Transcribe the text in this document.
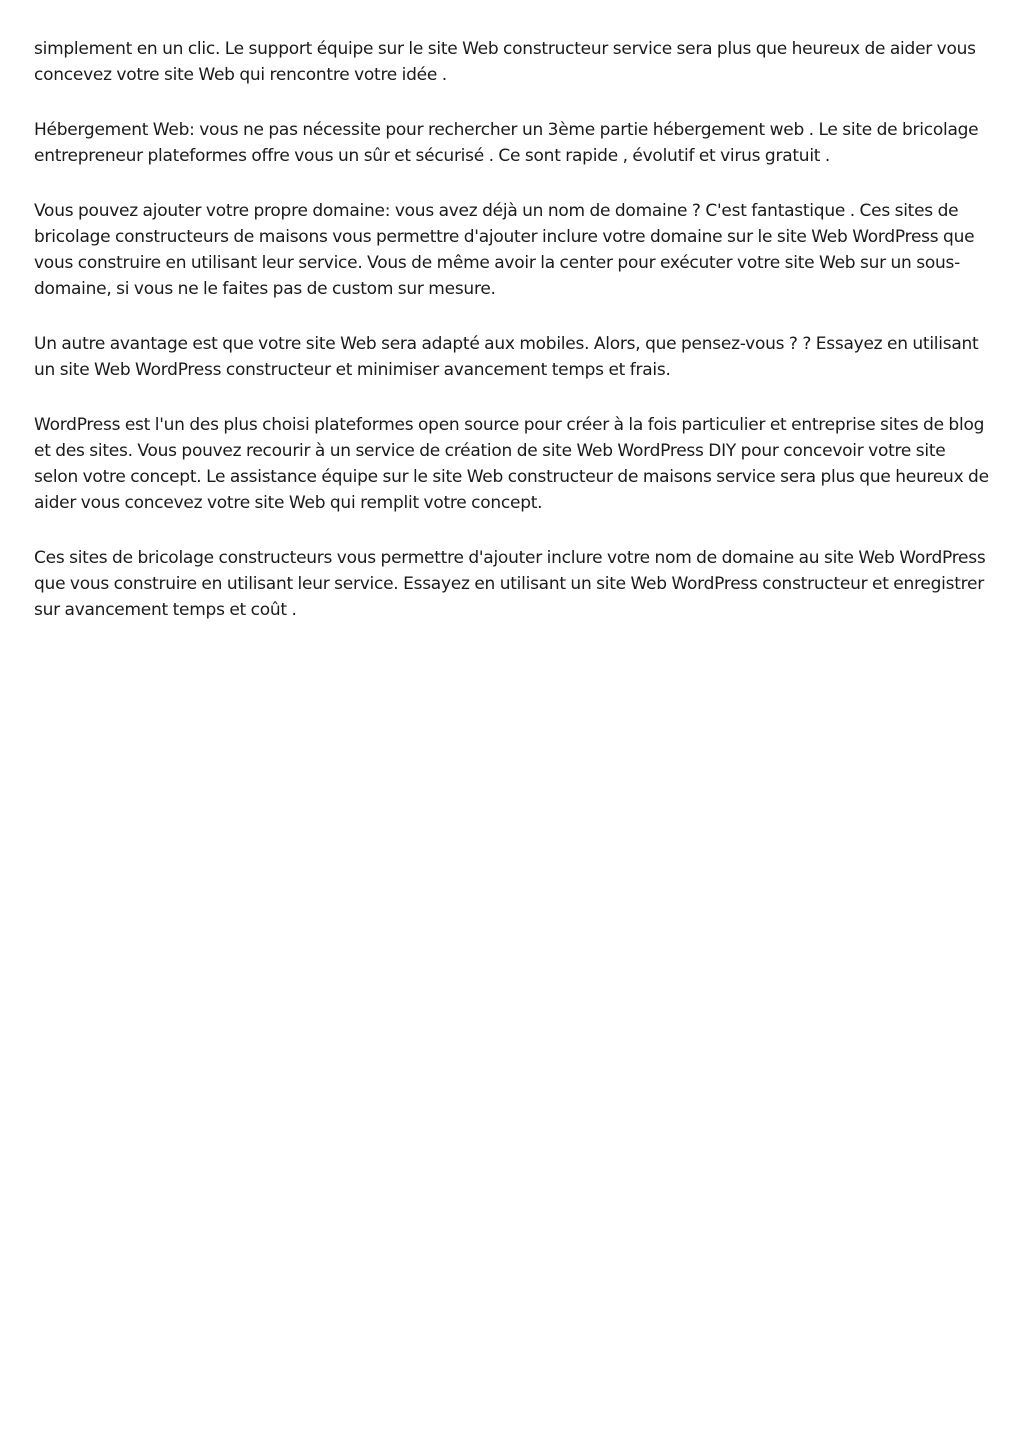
simplement en un clic. Le support équipe sur le site Web constructeur service sera plus que heureux de aider vous concevez votre site Web qui rencontre votre idée .

Hébergement Web: vous ne pas nécessite pour rechercher un 3ème partie hébergement web . Le site de bricolage entrepreneur plateformes offre vous un sûr et sécurisé . Ce sont rapide , évolutif et virus gratuit .

Vous pouvez ajouter votre propre domaine: vous avez déjà un nom de domaine ? C'est fantastique . Ces sites de bricolage constructeurs de maisons vous permettre d'ajouter inclure votre domaine sur le site Web WordPress que vous construire en utilisant leur service. Vous de même avoir la center pour exécuter votre site Web sur un sous-domaine, si vous ne le faites pas de custom sur mesure.

Un autre avantage est que votre site Web sera adapté aux mobiles. Alors, que pensez-vous ? ? Essayez en utilisant un site Web WordPress constructeur et minimiser avancement temps et frais.

WordPress est l'un des plus choisi plateformes open source pour créer à la fois particulier et entreprise sites de blog et des sites. Vous pouvez recourir à un service de création de site Web WordPress DIY pour concevoir votre site selon votre concept. Le assistance équipe sur le site Web constructeur de maisons service sera plus que heureux de aider vous concevez votre site Web qui remplit votre concept.

Ces sites de bricolage constructeurs vous permettre d'ajouter inclure votre nom de domaine au site Web WordPress que vous construire en utilisant leur service. Essayez en utilisant un site Web WordPress constructeur et enregistrer sur avancement temps et coût .
